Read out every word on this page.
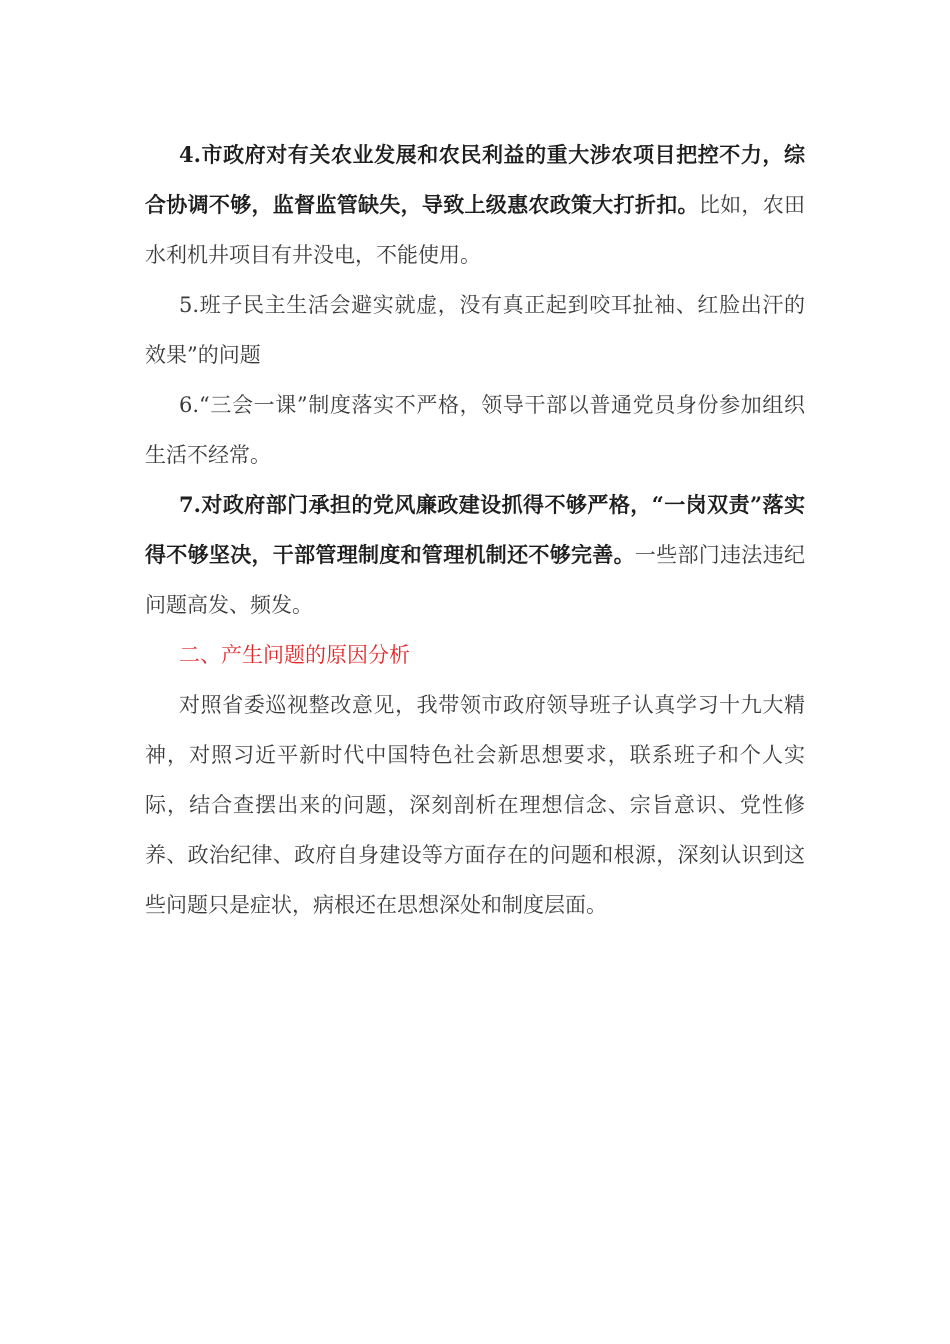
4.市政府对有关农业发展和农民利益的重大涉农项目把控不力，综合协调不够，监督监管缺失，导致上级惠农政策大打折扣。比如，农田水利机井项目有井没电，不能使用。

5.班子民主生活会避实就虚，没有真正起到咬耳扯袖、红脸出汗的效果”的问题

6.“三会一课”制度落实不严格，领导干部以普通党员身份参加组织生活不经常。

7.对政府部门承担的党风廉政建设抓得不够严格，“一岗双责”落实得不够坚决，干部管理制度和管理机制还不够完善。一些部门违法违纪问题高发、频发。

二、产生问题的原因分析

对照省委巡视整改意见，我带领市政府领导班子认真学习十九大精神，对照习近平新时代中国特色社会新思想要求，联系班子和个人实际，结合查摆出来的问题，深刻剖析在理想信念、宗旨意识、党性修养、政治纪律、政府自身建设等方面存在的问题和根源，深刻认识到这些问题只是症状，病根还在思想深处和制度层面。
